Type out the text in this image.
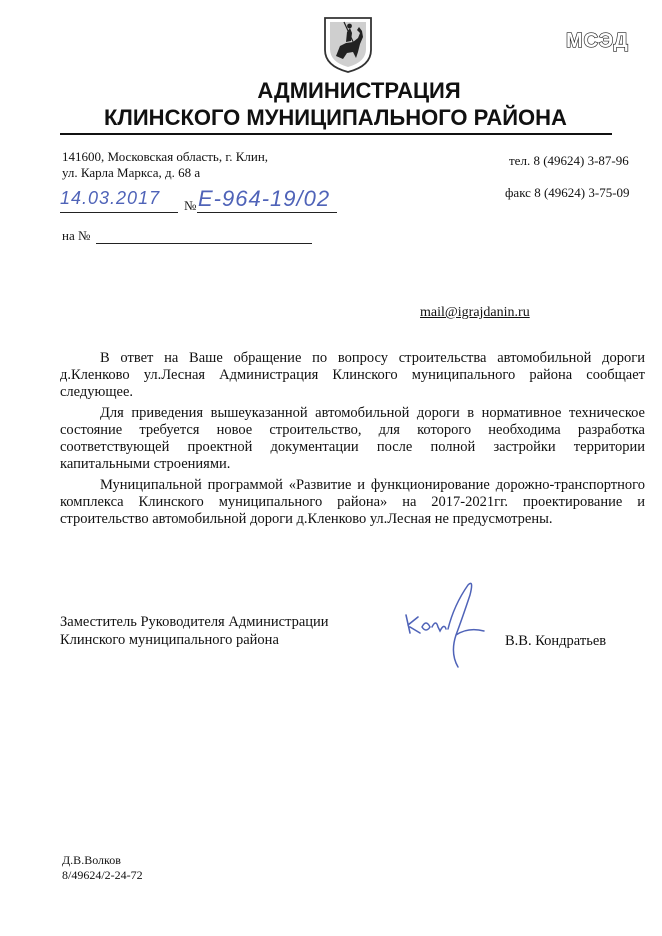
МСЭД
АДМИНИСТРАЦИЯ
КЛИНСКОГО МУНИЦИПАЛЬНОГО РАЙОНА
141600, Московская область, г. Клин,
ул. Карла Маркса, д. 68 а
тел. 8 (49624) 3-87-96
факс 8 (49624) 3-75-09
14.03.2017 № Е-964-19/02
на №
mail@igrajdanin.ru

В ответ на Ваше обращение по вопросу строительства автомобильной дороги д.Кленково ул.Лесная Администрация Клинского муниципального района сообщает следующее.

Для приведения вышеуказанной автомобильной дороги в нормативное техническое состояние требуется новое строительство, для которого необходима разработка соответствующей проектной документации после полной застройки территории капитальными строениями.

Муниципальной программой «Развитие и функционирование дорожно-транспортного комплекса Клинского муниципального района» на 2017-2021гг. проектирование и строительство автомобильной дороги д.Кленково ул.Лесная не предусмотрены.

Заместитель Руководителя Администрации
Клинского муниципального района	В.В. Кондратьев
Д.В.Волков
8/49624/2-24-72
